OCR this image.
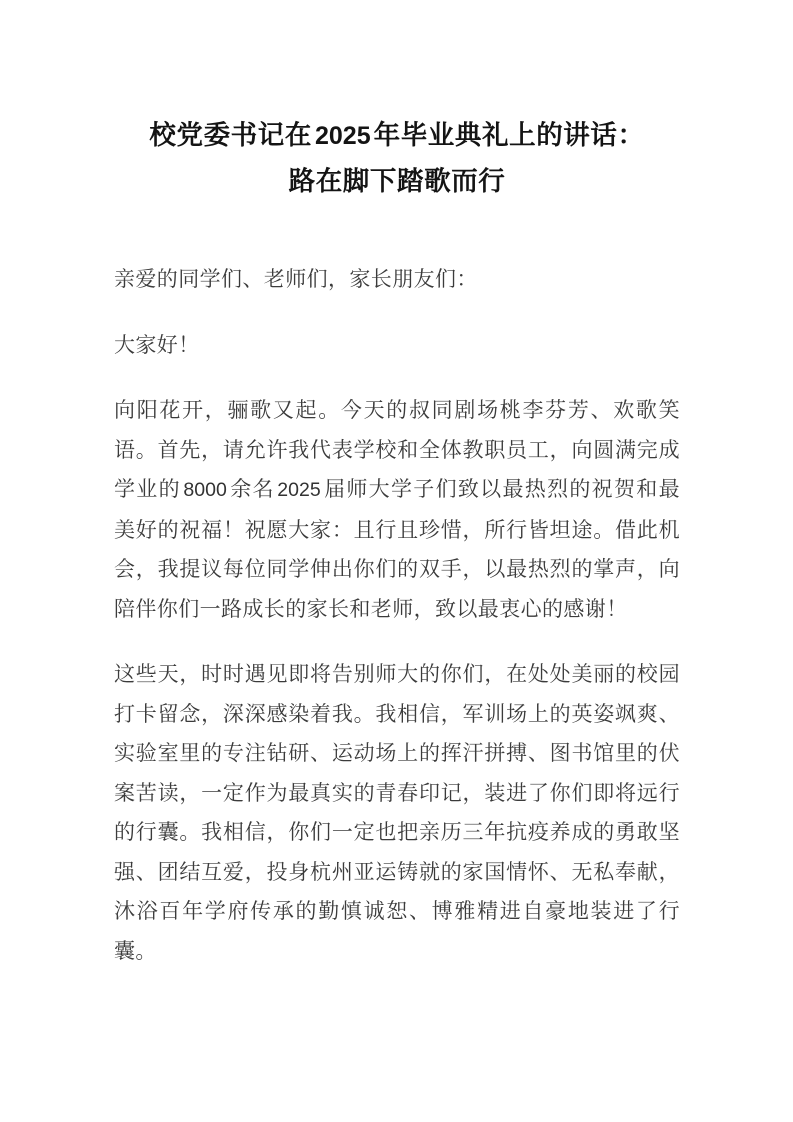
校党委书记在 2025 年毕业典礼上的讲话：
路在脚下踏歌而行

亲爱的同学们、老师们，家长朋友们：

大家好！

向阳花开，骊歌又起。今天的叔同剧场桃李芬芳、欢歌笑语。首先，请允许我代表学校和全体教职员工，向圆满完成学业的 8000 余名 2025 届师大学子们致以最热烈的祝贺和最美好的祝福！祝愿大家：且行且珍惜，所行皆坦途。借此机会，我提议每位同学伸出你们的双手，以最热烈的掌声，向陪伴你们一路成长的家长和老师，致以最衷心的感谢！

这些天，时时遇见即将告别师大的你们，在处处美丽的校园打卡留念，深深感染着我。我相信，军训场上的英姿飒爽、实验室里的专注钻研、运动场上的挥汗拼搏、图书馆里的伏案苦读，一定作为最真实的青春印记，装进了你们即将远行的行囊。我相信，你们一定也把亲历三年抗疫养成的勇敢坚强、团结互爱，投身杭州亚运铸就的家国情怀、无私奉献，沐浴百年学府传承的勤慎诚恕、博雅精进自豪地装进了行囊。
